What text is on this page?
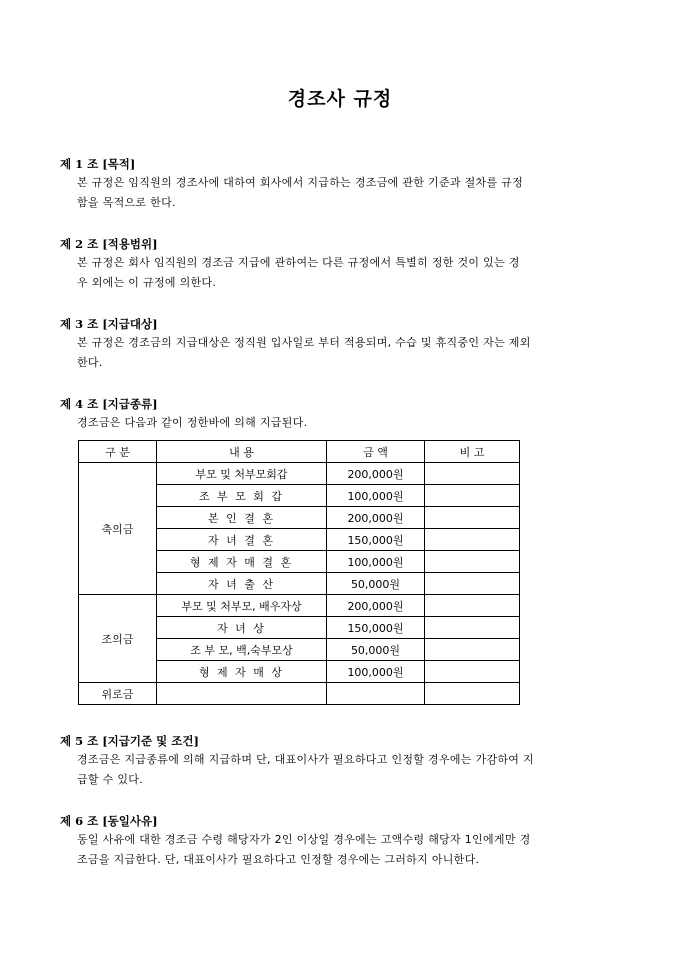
경조사 규정
제 1 조 [목적]
본 규정은 임직원의 경조사에 대하여 회사에서 지급하는 경조금에 관한 기준과 절차를 규정
함을 목적으로 한다.
제 2 조 [적용범위]
본 규정은 회사 임직원의 경조금 지급에 관하여는 다른 규정에서 특별히 정한 것이 있는 경
우 외에는 이 규정에 의한다.
제 3 조 [지급대상]
본 규정은 경조금의 지급대상은 정직원 입사일로 부터 적용되며, 수습 및 휴직중인 자는 제외
한다.
제 4 조 [지급종류]
경조금은 다음과 같이 정한바에 의해 지급된다.
구 분	내 용	금 액	비 고
축의금	부모 및 처부모회갑	200,000원	
	조 부 모 회 갑	100,000원	
	본 인 결 혼	200,000원	
	자 녀 결 혼	150,000원	
	형 제 자 매 결 혼	100,000원	
	자 녀 출 산	50,000원	
조의금	부모 및 처부모, 배우자상	200,000원	
	자 녀 상	150,000원	
	조 부 모, 백,숙부모상	50,000원	
	형 제 자 매 상	100,000원	
위로금			
제 5 조 [지급기준 및 조건]
경조금은 지급종류에 의해 지급하며 단, 대표이사가 필요하다고 인정할 경우에는 가감하여 지
급할 수 있다.
제 6 조 [동일사유]
동일 사유에 대한 경조금 수령 해당자가 2인 이상일 경우에는 고액수령 해당자 1인에게만 경
조금을 지급한다. 단, 대표이사가 필요하다고 인정할 경우에는 그러하지 아니한다.
